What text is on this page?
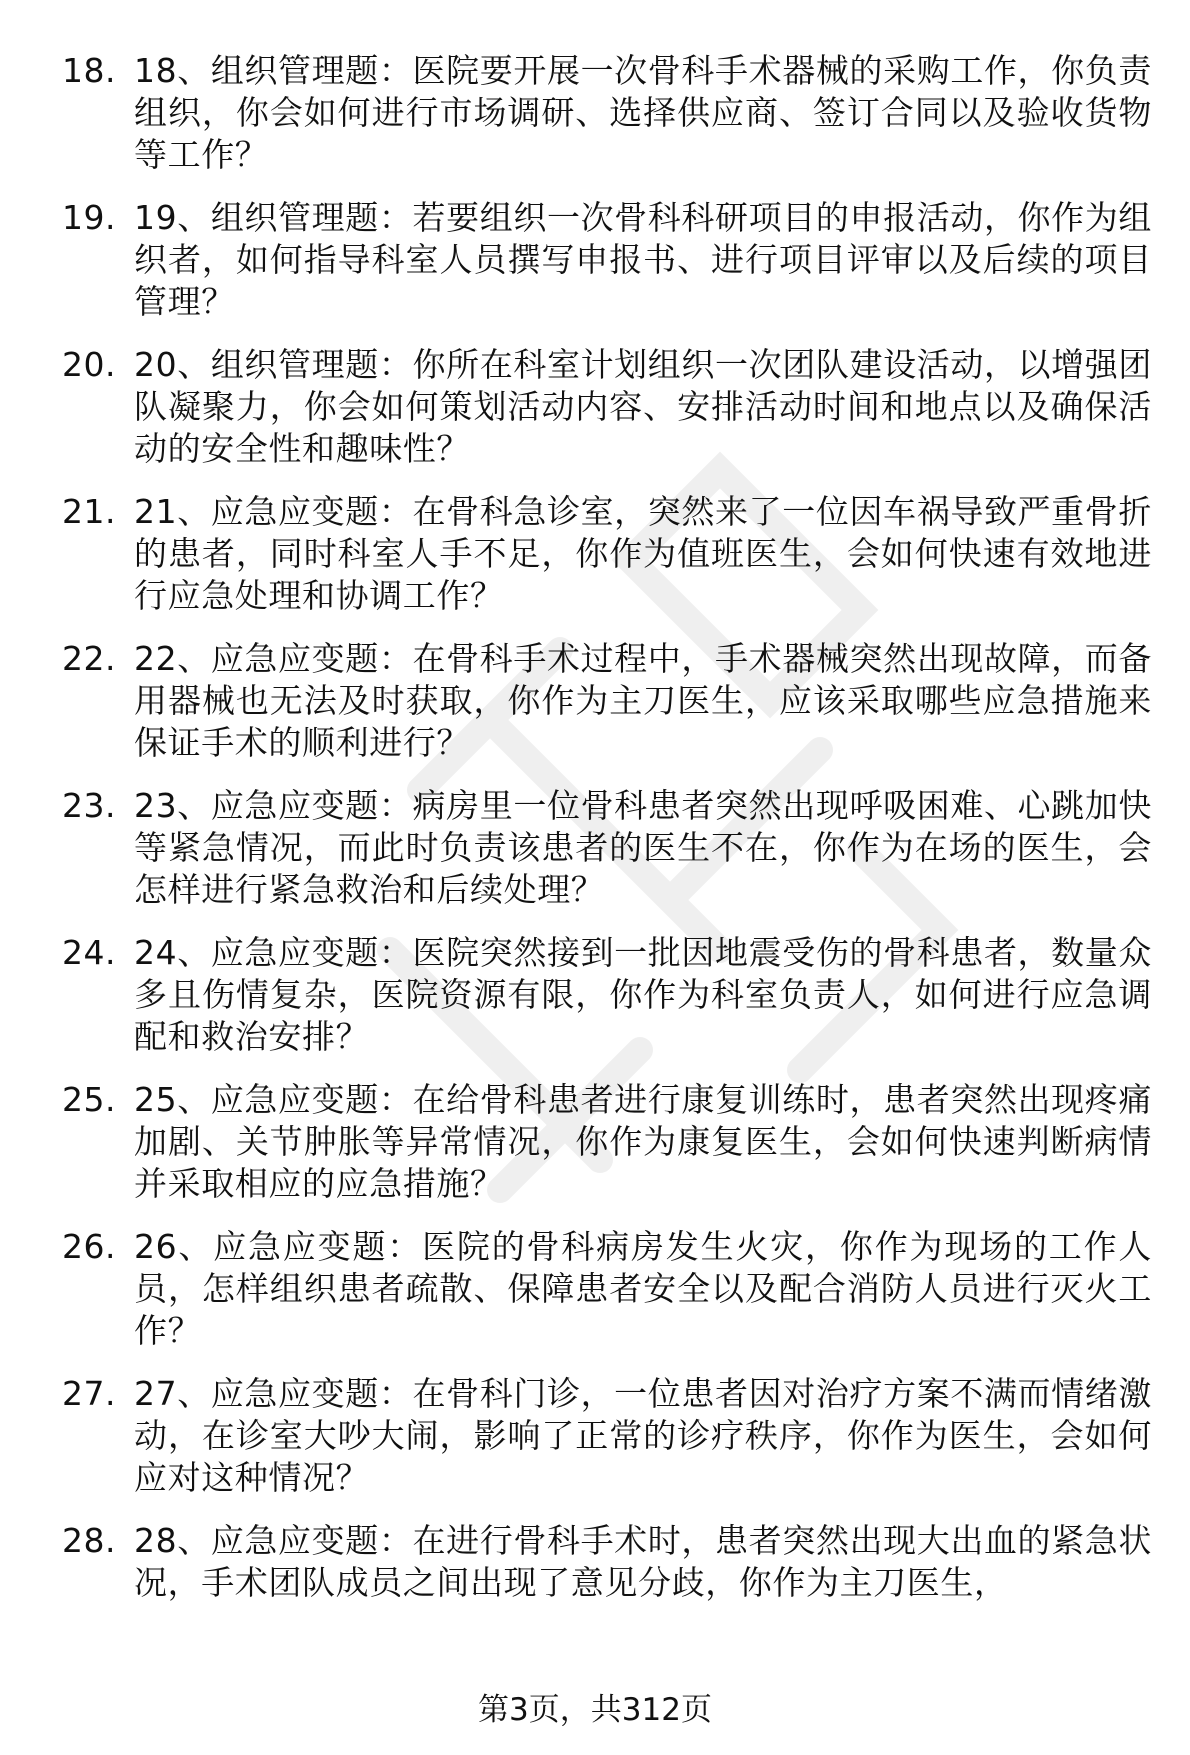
18. 18、组织管理题：医院要开展一次骨科手术器械的采购工作，你负责组织，你会如何进行市场调研、选择供应商、签订合同以及验收货物等工作？
19. 19、组织管理题：若要组织一次骨科科研项目的申报活动，你作为组织者，如何指导科室人员撰写申报书、进行项目评审以及后续的项目管理？
20. 20、组织管理题：你所在科室计划组织一次团队建设活动，以增强团队凝聚力，你会如何策划活动内容、安排活动时间和地点以及确保活动的安全性和趣味性？
21. 21、应急应变题：在骨科急诊室，突然来了一位因车祸导致严重骨折的患者，同时科室人手不足，你作为值班医生，会如何快速有效地进行应急处理和协调工作？
22. 22、应急应变题：在骨科手术过程中，手术器械突然出现故障，而备用器械也无法及时获取，你作为主刀医生，应该采取哪些应急措施来保证手术的顺利进行？
23. 23、应急应变题：病房里一位骨科患者突然出现呼吸困难、心跳加快等紧急情况，而此时负责该患者的医生不在，你作为在场的医生，会怎样进行紧急救治和后续处理？
24. 24、应急应变题：医院突然接到一批因地震受伤的骨科患者，数量众多且伤情复杂，医院资源有限，你作为科室负责人，如何进行应急调配和救治安排？
25. 25、应急应变题：在给骨科患者进行康复训练时，患者突然出现疼痛加剧、关节肿胀等异常情况，你作为康复医生，会如何快速判断病情并采取相应的应急措施？
26. 26、应急应变题：医院的骨科病房发生火灾，你作为现场的工作人员，怎样组织患者疏散、保障患者安全以及配合消防人员进行灭火工作？
27. 27、应急应变题：在骨科门诊，一位患者因对治疗方案不满而情绪激动，在诊室大吵大闹，影响了正常的诊疗秩序，你作为医生，会如何应对这种情况？
28. 28、应急应变题：在进行骨科手术时，患者突然出现大出血的紧急状况，手术团队成员之间出现了意见分歧，你作为主刀医生，
第3页，共312页
